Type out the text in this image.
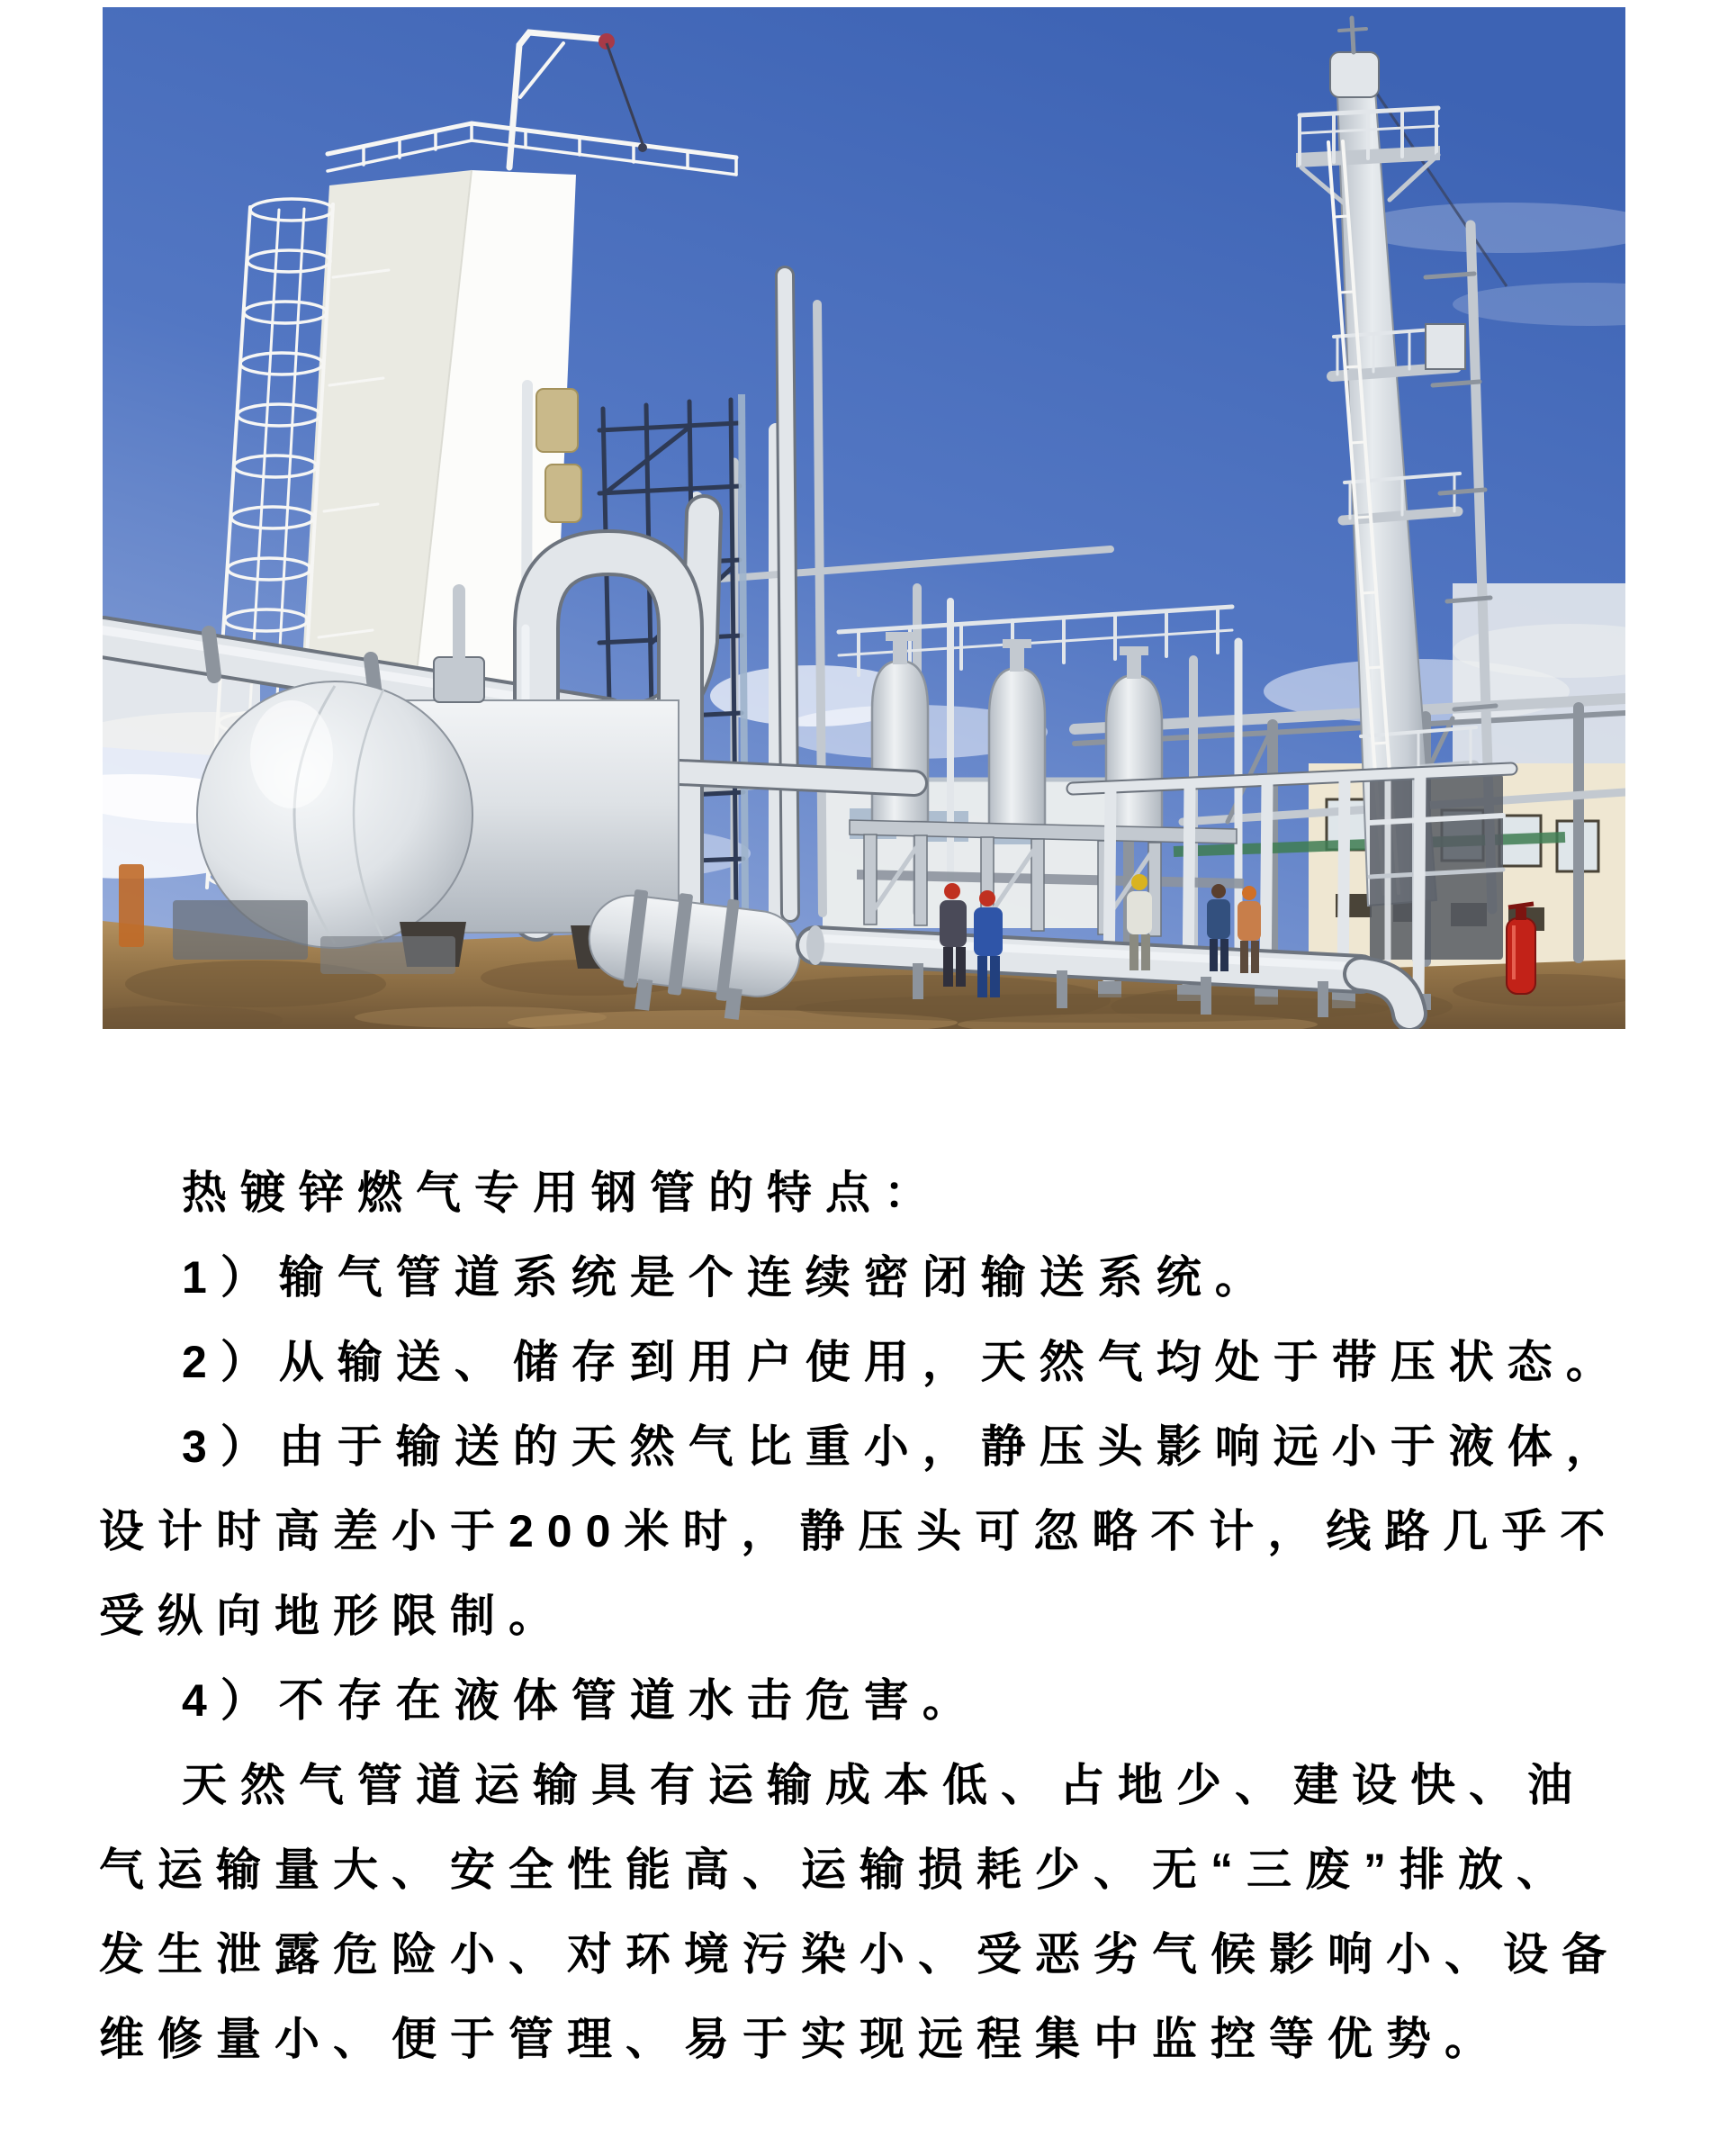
热镀锌燃气专用钢管的特点：
1）输气管道系统是个连续密闭输送系统。
2）从输送、储存到用户使用，天然气均处于带压状态。
3）由于输送的天然气比重小，静压头影响远小于液体，
设计时高差小于200米时，静压头可忽略不计，线路几乎不
受纵向地形限制。
4）不存在液体管道水击危害。
天然气管道运输具有运输成本低、占地少、建设快、油
气运输量大、安全性能高、运输损耗少、无“三废”排放、
发生泄露危险小、对环境污染小、受恶劣气候影响小、设备
维修量小、便于管理、易于实现远程集中监控等优势。
